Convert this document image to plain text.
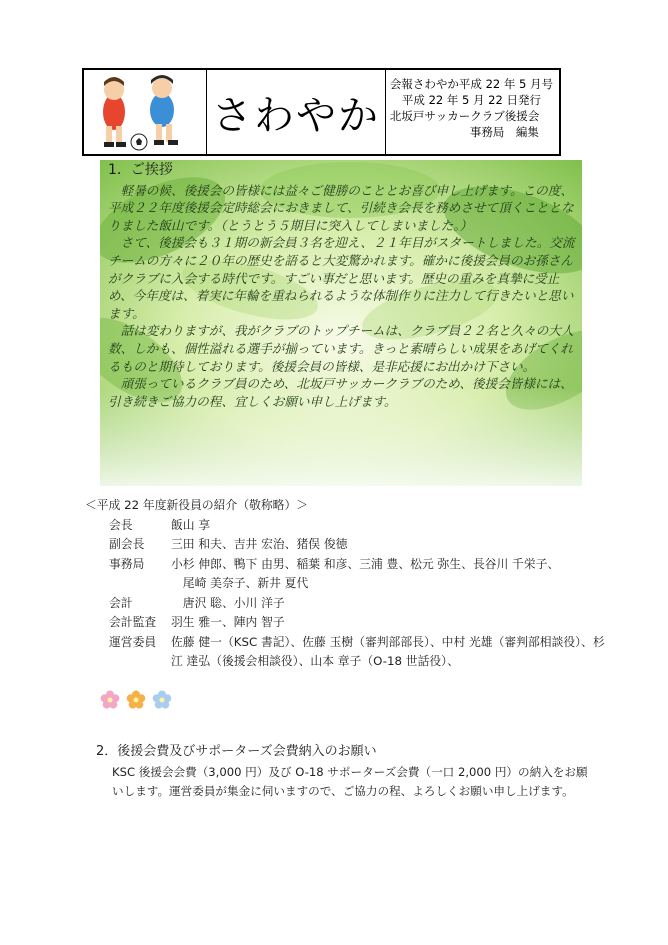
さわやか
会報さわやか平成 22 年 5 月号
平成 22 年 5 月 22 日発行
北坂戸サッカークラブ後援会
事務局　編集
1．ご挨拶

　軽暑の候、後援会の皆様には益々ご健勝のこととお喜び申し上げます。この度、平成２２年度後援会定時総会におきまして、引続き会長を務めさせて頂くこととなりました飯山です。（とうとう５期目に突入してしまいました。）

　さて、後援会も３１期の新会員３名を迎え、２１年目がスタートしました。交流チームの方々に２０年の歴史を語ると大変驚かれます。確かに後援会員のお孫さんがクラブに入会する時代です。すごい事だと思います。歴史の重みを真摯に受止め、今年度は、着実に年輪を重ねられるような体制作りに注力して行きたいと思います。

　話は変わりますが、我がクラブのトップチームは、クラブ員２２名と久々の大人数、しかも、個性溢れる選手が揃っています。きっと素晴らしい成果をあげてくれるものと期待しております。後援会員の皆様、是非応援にお出かけ下さい。

　頑張っているクラブ員のため、北坂戸サッカークラブのため、後援会皆様には、引き続きご協力の程、宜しくお願い申し上げます。

＜平成 22 年度新役員の紹介（敬称略）＞
会長	飯山 享
副会長	三田 和夫、吉井 宏治、猪俣 俊徳
事務局	小杉 伸郎、鴨下 由男、稲葉 和彦、三浦 豊、松元 弥生、長谷川 千栄子、
　尾崎 美奈子、新井 夏代
会計	　唐沢 聡、小川 洋子
会計監査	羽生 雅一、陣内 智子
運営委員	佐藤 健一（KSC 書記）、佐藤 玉樹（審判部部長）、中村 光雄（審判部相談役）、杉江 達弘（後援会相談役）、山本 章子（O-18 世話役）、
2．後援会費及びサポーターズ会費納入のお願い
KSC 後援会会費（3,000 円）及び O-18 サポーターズ会費（一口 2,000 円）の納入をお願いします。運営委員が集金に伺いますので、ご協力の程、よろしくお願い申し上げます。
